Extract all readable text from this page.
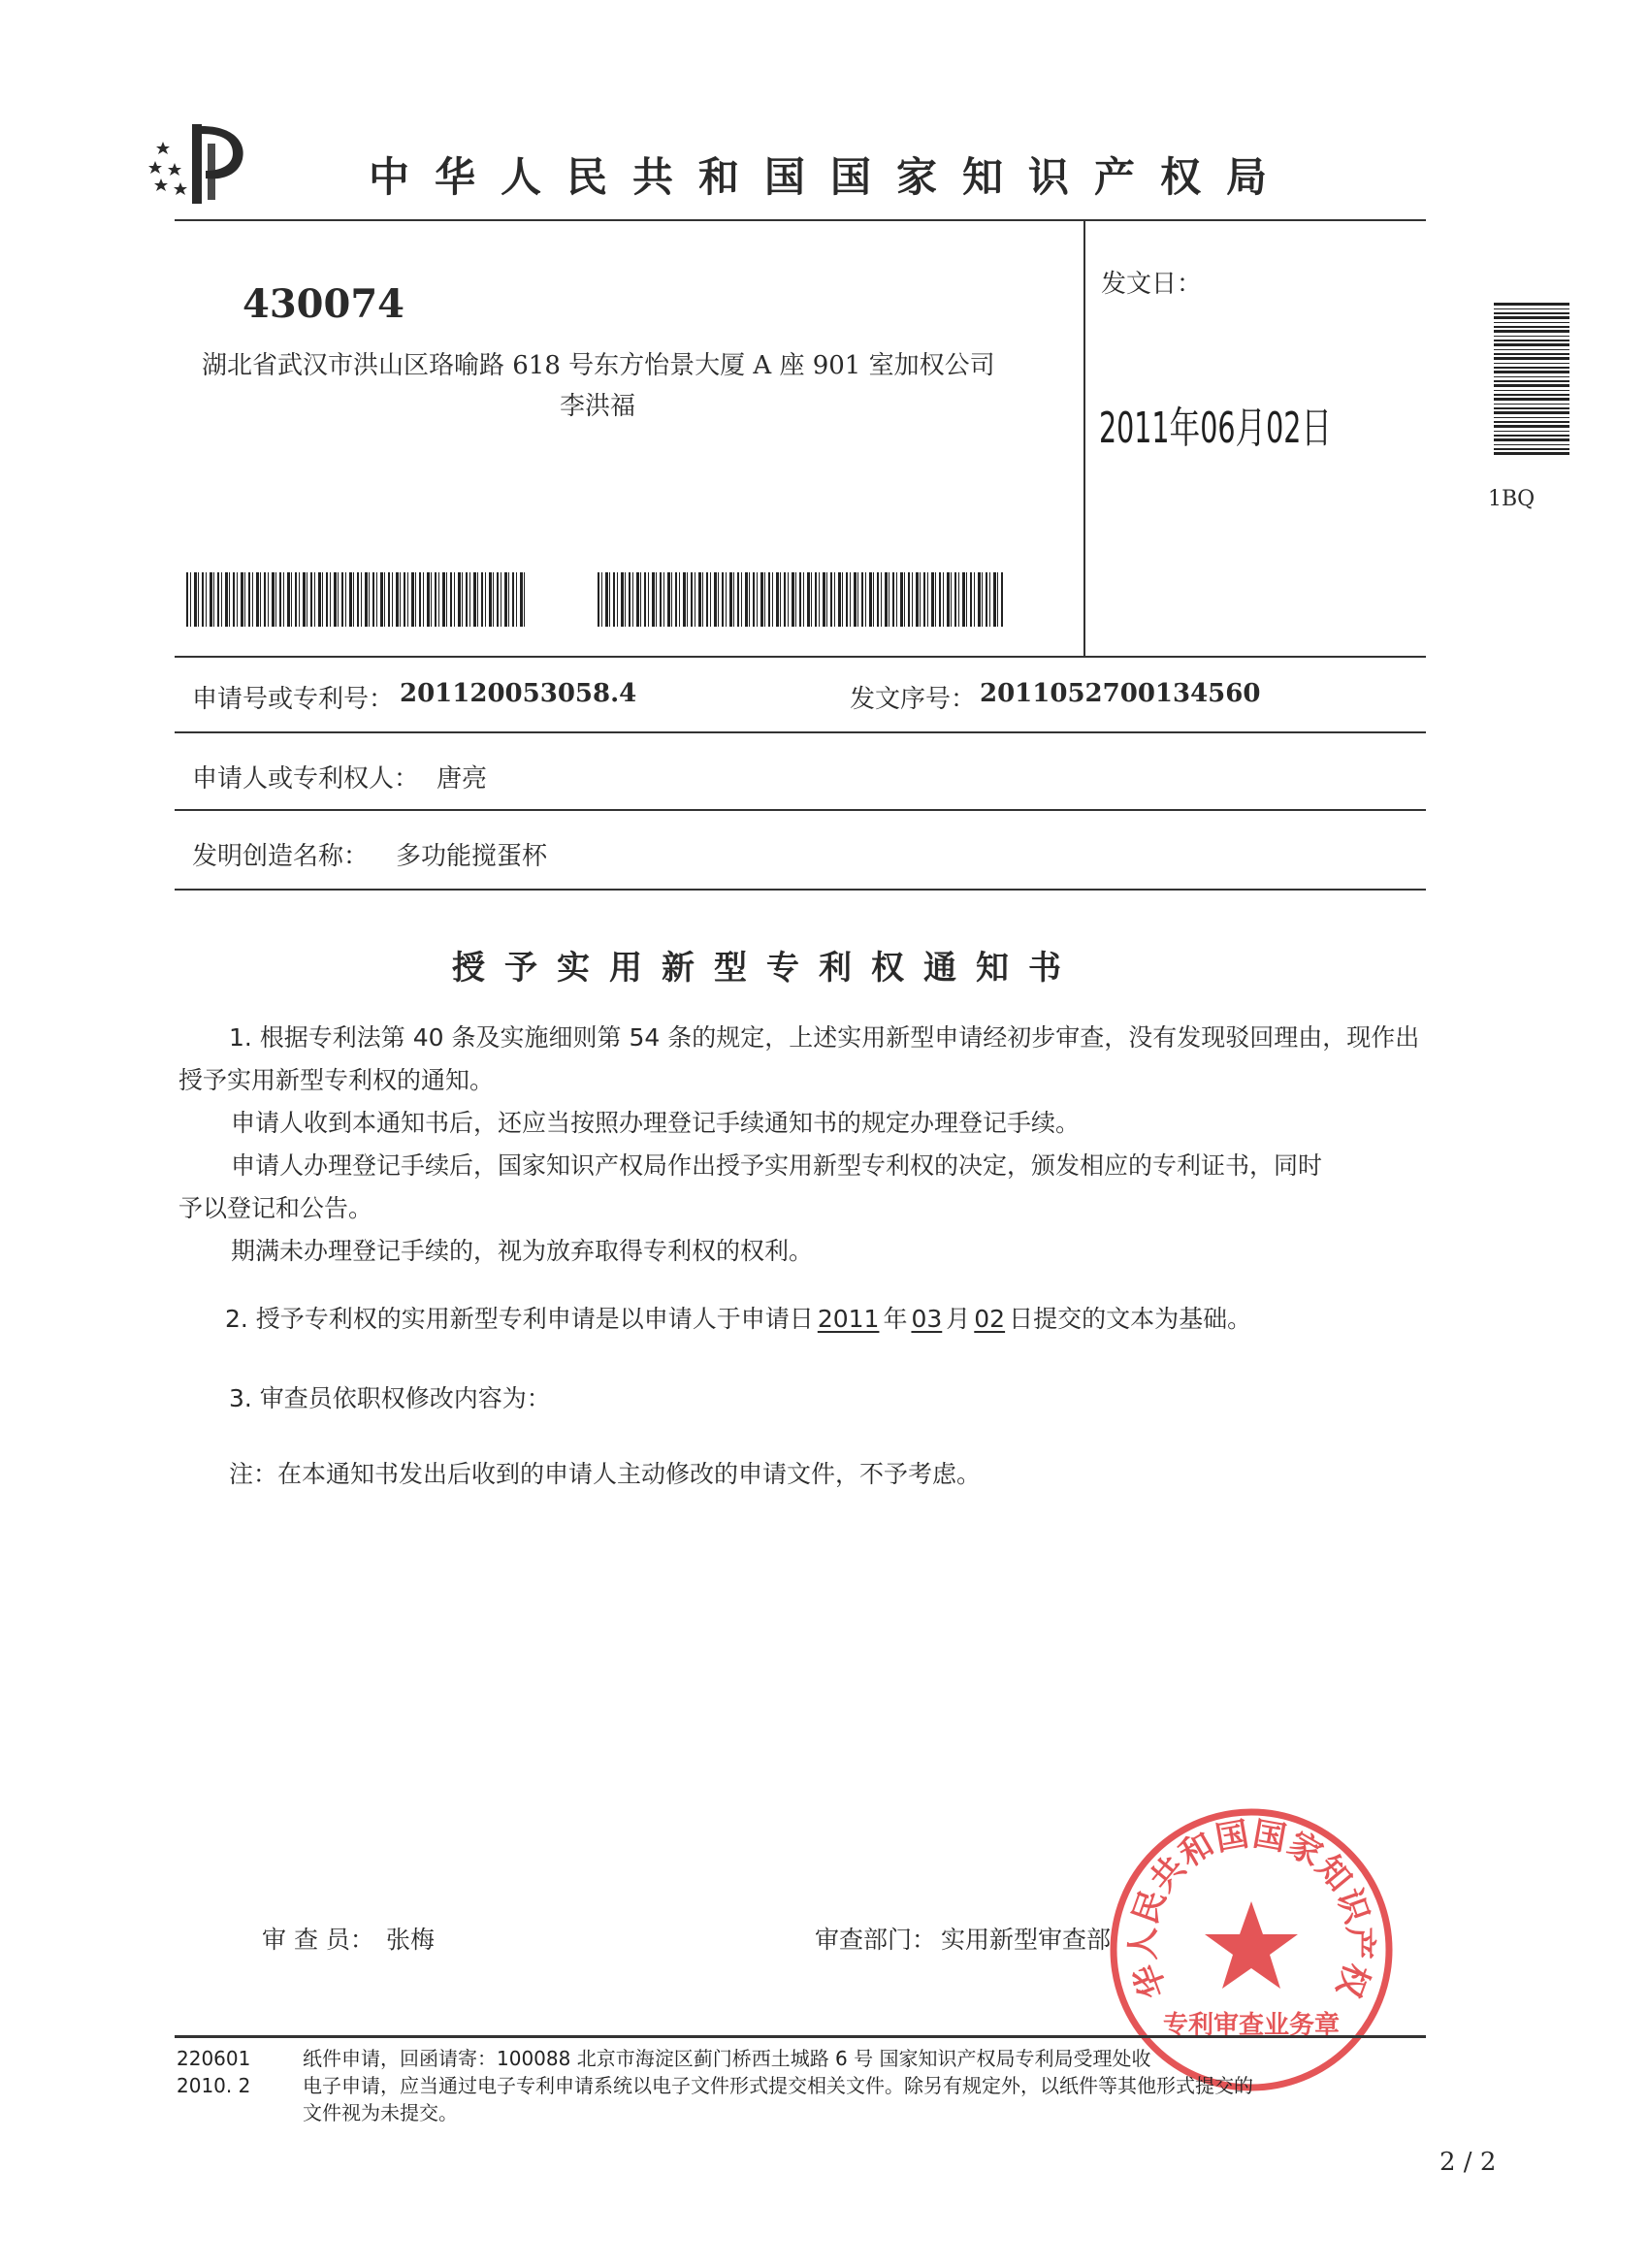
中华人民共和国国家知识产权局
430074
湖北省武汉市洪山区珞喻路 618 号东方怡景大厦 A 座 901 室加权公司
李洪福
发文日：
2011年06月02日
1BQ
申请号或专利号： 201120053058.4	发文序号： 2011052700134560
申请人或专利权人： 唐亮
发明创造名称： 多功能搅蛋杯
授予实用新型专利权通知书
1. 根据专利法第 40 条及实施细则第 54 条的规定，上述实用新型申请经初步审查，没有发现驳回理由，现作出
授予实用新型专利权的通知。
申请人收到本通知书后，还应当按照办理登记手续通知书的规定办理登记手续。
申请人办理登记手续后，国家知识产权局作出授予实用新型专利权的决定，颁发相应的专利证书，同时
予以登记和公告。
期满未办理登记手续的，视为放弃取得专利权的权利。
2. 授予专利权的实用新型专利申请是以申请人于申请日 2011 年 03 月 02 日提交的文本为基础。
3. 审查员依职权修改内容为：
注：在本通知书发出后收到的申请人主动修改的申请文件，不予考虑。
审 查 员： 张梅	审查部门： 实用新型审查部
华人民共和国国家知识产权
专利审查业务章
220601
2010. 2
纸件申请，回函请寄：100088 北京市海淀区蓟门桥西土城路 6 号 国家知识产权局专利局受理处收
电子申请，应当通过电子专利申请系统以电子文件形式提交相关文件。除另有规定外，以纸件等其他形式提交的
文件视为未提交。
2 / 2
